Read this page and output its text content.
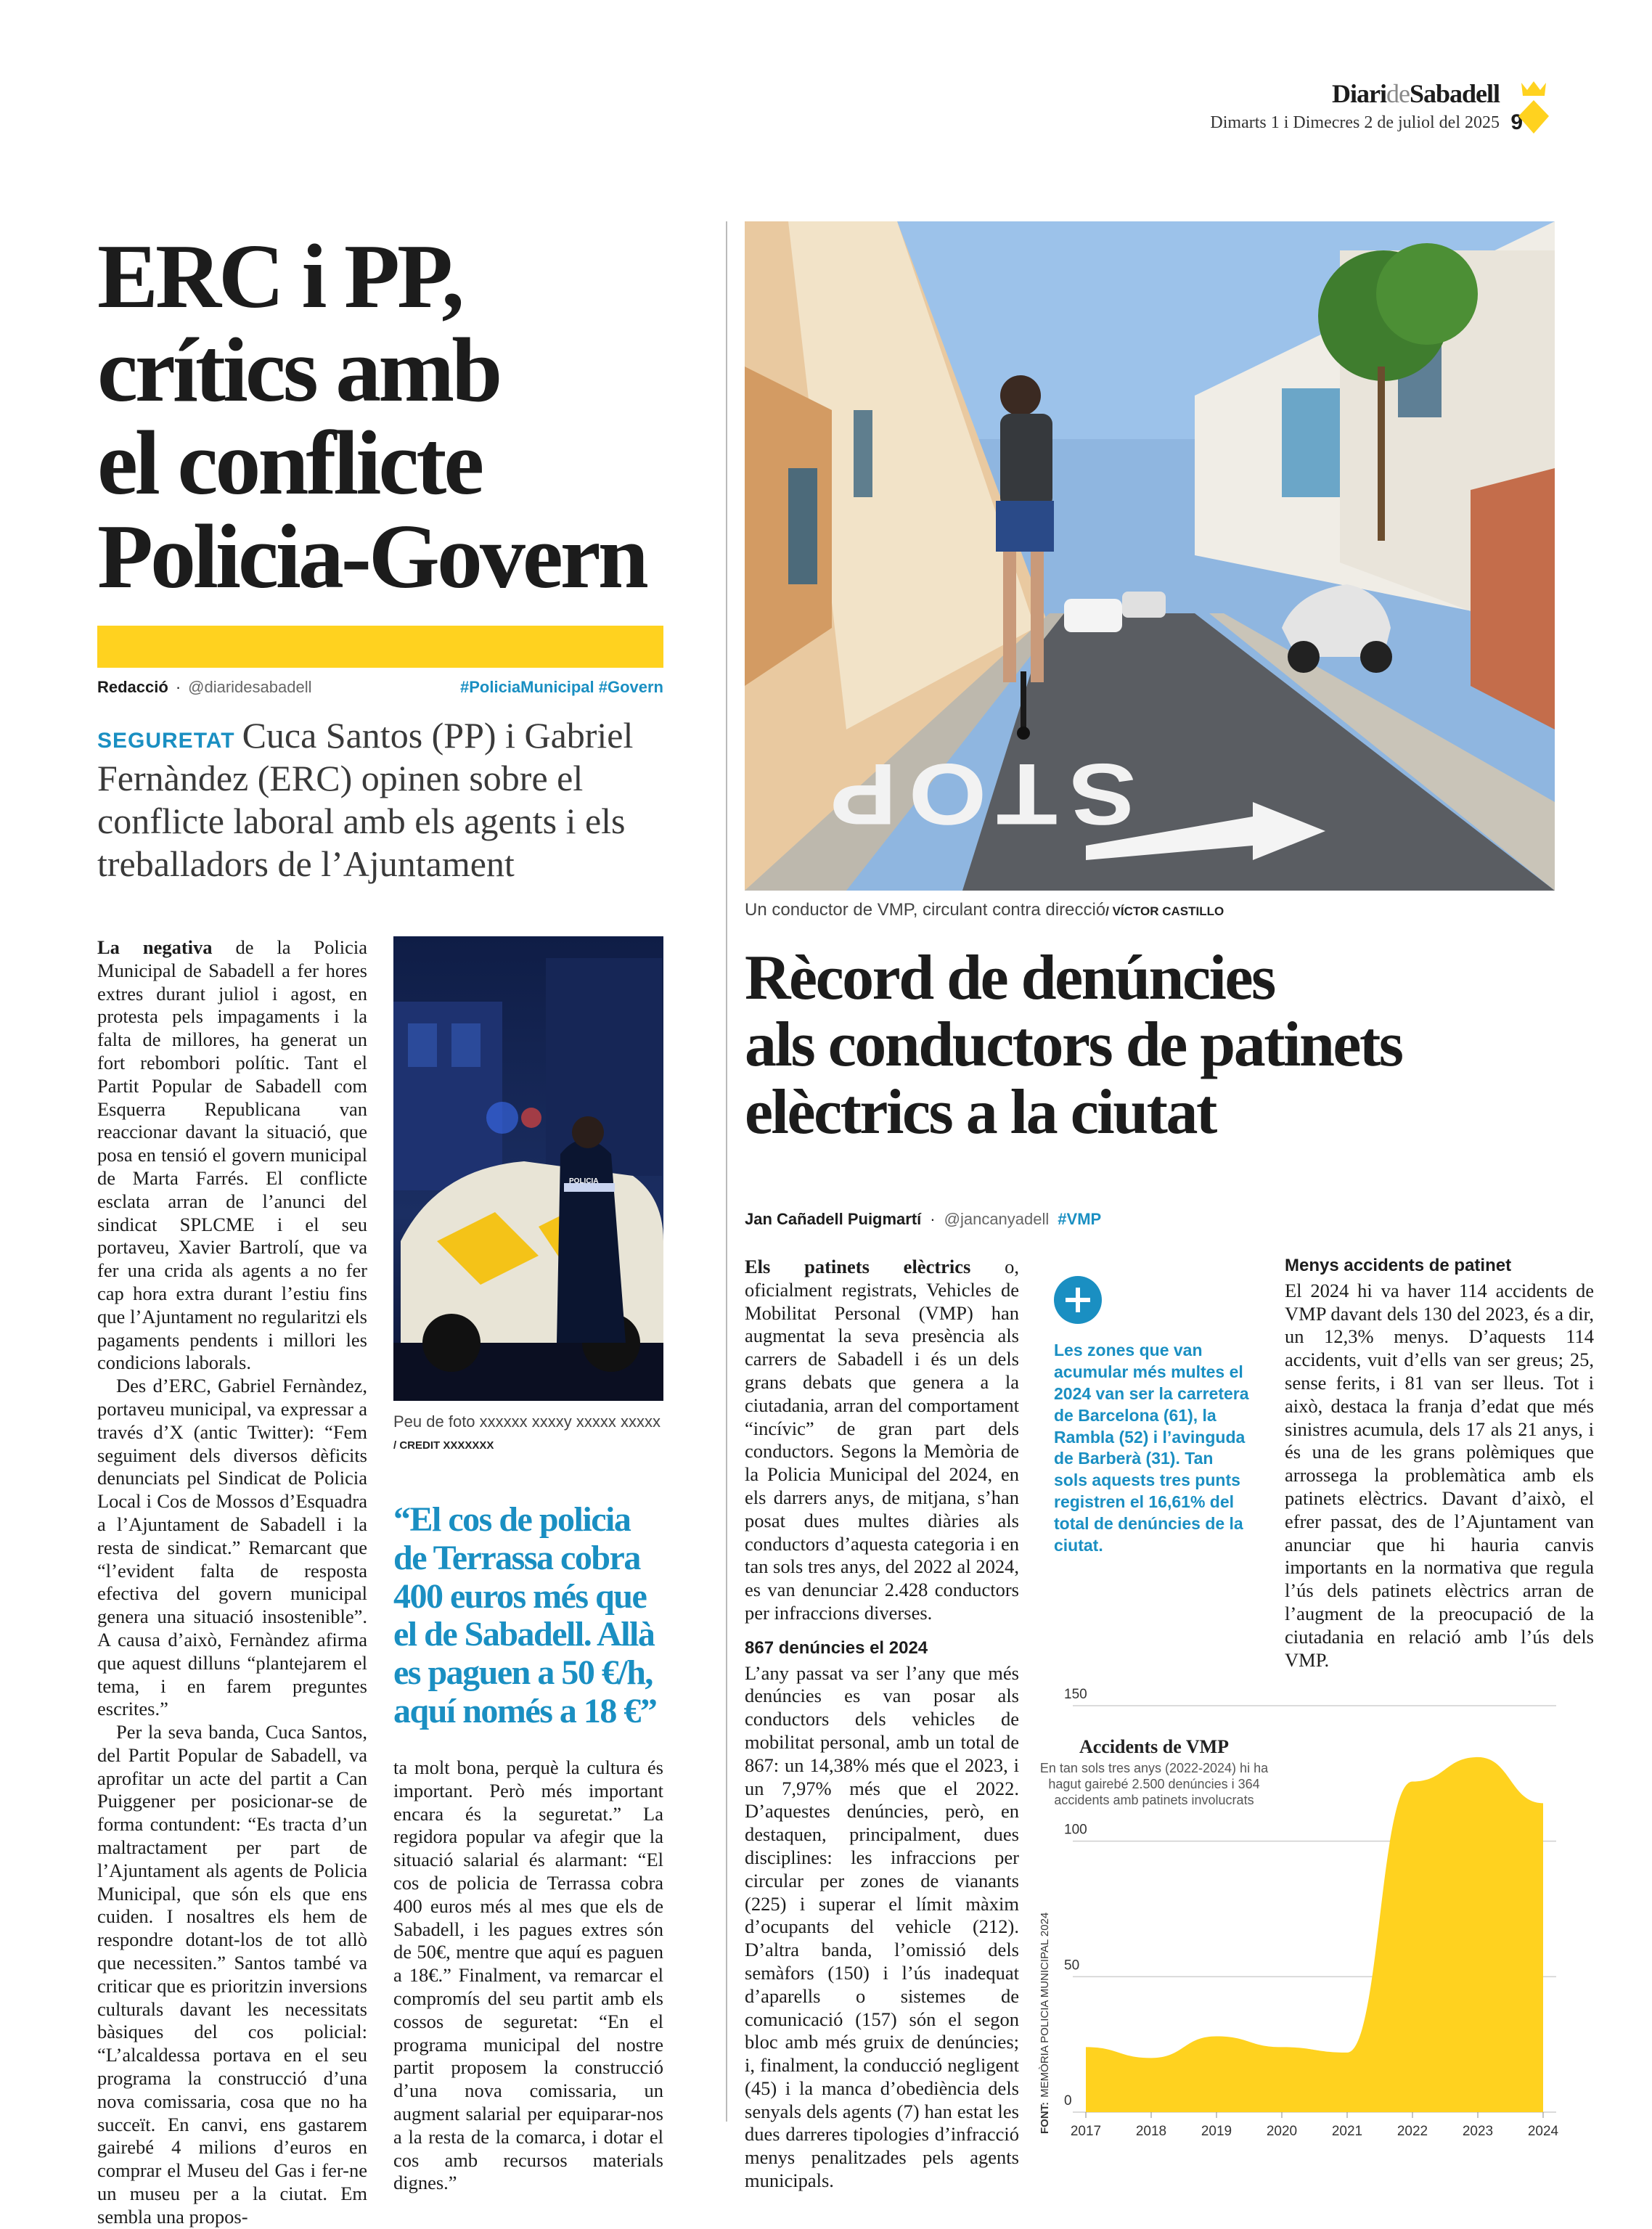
DiarideSabadell
Dimarts 1 i Dimecres 2 de juliol del 2025 9
ERC i PP,
crítics amb
el conflicte
Policia-Govern
Redacció · @diaridesabadell	#PoliciaMunicipal #Govern

SEGURETAT Cuca Santos (PP) i Gabriel Fernàndez (ERC) opinen sobre el conflicte laboral amb els agents i els treballadors de l’Ajuntament

La negativa de la Policia Municipal de Sabadell a fer hores extres durant juliol i agost, en protesta pels impagaments i la falta de millores, ha generat un fort rebombori polític. Tant el Partit Popular de Sabadell com Esquerra Republicana van reaccionar davant la situació, que posa en tensió el govern municipal de Marta Farrés. El conflicte esclata arran de l’anunci del sindicat SPLCME i el seu portaveu, Xavier Bartrolí, que va fer una crida als agents a no fer cap hora extra durant l’estiu fins que l’Ajuntament no regularitzi els pagaments pendents i millori les condicions laborals.

Des d’ERC, Gabriel Fernàndez, portaveu municipal, va expressar a través d’X (antic Twitter): “Fem seguiment dels diversos dèficits denunciats pel Sindicat de Policia Local i Cos de Mossos d’Esquadra a l’Ajuntament de Sabadell i la resta de sindicat.” Remarcant que “l’evident falta de resposta efectiva del govern municipal genera una situació insostenible”. A causa d’això, Fernàndez afirma que aquest dilluns “plantejarem el tema, i en farem preguntes escrites.”

Per la seva banda, Cuca Santos, del Partit Popular de Sabadell, va aprofitar un acte del partit a Can Puiggener per posicionar-se de forma contundent: “Es tracta d’un maltractament per part de l’Ajuntament als agents de Policia Municipal, que són els que ens cuiden. I nosaltres els hem de respondre dotant-los de tot allò que necessiten.” Santos també va criticar que es prioritzin inversions culturals davant les necessitats bàsiques del cos policial: “L’alcaldessa portava en el seu programa la construcció d’una nova comissaria, cosa que no ha succeït. En canvi, ens gastarem gairebé 4 milions d’euros en comprar el Museu del Gas i fer-ne un museu per a la ciutat. Em sembla una propos-

POLICIA
Peu de foto xxxxxx xxxxy xxxxx xxxxx / CREDIT XXXXXXX
“El cos de policia de Terrassa cobra 400 euros més que el de Sabadell. Allà es paguen a 50 €/h, aquí només a 18 €”

ta molt bona, perquè la cultura és important. Però més important encara és la seguretat.” La regidora popular va afegir que la situació salarial és alarmant: “El cos de policia de Terrassa cobra 400 euros més al mes que els de Sabadell, i les pagues extres són de 50€, mentre que aquí es paguen a 18€.” Finalment, va remarcar el compromís del seu partit amb els cossos de seguretat: “En el programa municipal del nostre partit proposem la construcció d’una nova comissaria, un augment salarial per equiparar-nos a la resta de la comarca, i dotar el cos amb recursos materials dignes.”

STOP
Un conductor de VMP, circulant contra direcció/ VÍCTOR CASTILLO
Rècord de denúncies
als conductors de patinets
elèctrics a la ciutat
Jan Cañadell Puigmartí · @jancanyadell #VMP

Els patinets elèctrics o, oficialment registrats, Vehicles de Mobilitat Personal (VMP) han augmentat la seva presència als carrers de Sabadell i és un dels grans debats que genera a la ciutadania, arran del comportament “incívic” de gran part dels conductors. Segons la Memòria de la Policia Municipal del 2024, en els darrers anys, de mitjana, s’han posat dues multes diàries als conductors d’aquesta categoria i en tan sols tres anys, del 2022 al 2024, es van denunciar 2.428 conductors per infraccions diverses.

867 denúncies el 2024

L’any passat va ser l’any que més denúncies es van posar als conductors dels vehicles de mobilitat personal, amb un total de 867: un 14,38% més que el 2023, i un 7,97% més que el 2022. D’aquestes denúncies, però, en destaquen, principalment, dues disciplines: les infraccions per circular per zones de vianants (225) i superar el límit màxim d’ocupants del vehicle (212). D’altra banda, l’omissió dels semàfors (150) i l’ús inadequat d’aparells o sistemes de comunicació (157) són el segon bloc amb més gruix de denúncies; i, finalment, la conducció negligent (45) i la manca d’obediència dels senyals dels agents (7) han estat les dues darreres tipologies d’infracció menys penalitzades pels agents municipals.

Les zones que van acumular més multes el 2024 van ser la carretera de Barcelona (61), la Rambla (52) i l’avinguda de Barberà (31). Tan sols aquests tres punts registren el 16,61% del total de denúncies de la ciutat.

Menys accidents de patinet

El 2024 hi va haver 114 accidents de VMP davant dels 130 del 2023, és a dir, un 12,3% menys. D’aquests 114 accidents, vuit d’ells van ser greus; 25, sense ferits, i 81 van ser lleus. Tot i això, destaca la franja d’edat que més sinistres acumula, dels 17 als 21 anys, i és una de les grans polèmiques que arrossega la problemàtica amb els patinets elèctrics. Davant d’això, el efrer passat, des de l’Ajuntament van anunciar que hi hauria canvis importants en la normativa que regula l’ús dels patinets elèctrics arran de l’augment de la preocupació de la ciutadania en relació amb l’ús dels VMP.

0
50
100
150
2017	2018	2019	2020	2021	2022	2023	2024
Accidents de VMP
En tan sols tres anys (2022-2024) hi ha
hagut gairebé 2.500 denúncies i 364
accidents amb patinets involucrats
FONT:MEMÒRIA POLICIA MUNICIPAL 2024
